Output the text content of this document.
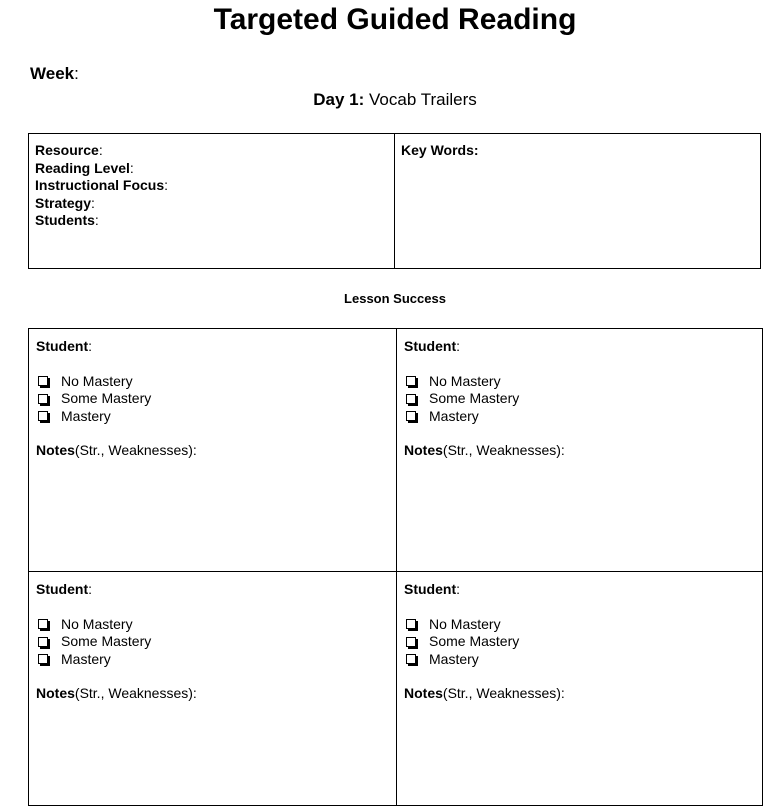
Targeted Guided Reading
Week:
Day 1: Vocab Trailers
Resource:
Reading Level:
Instructional Focus:
Strategy:
Students:
Key Words:
Lesson Success
Student:
No Mastery
Some Mastery
Mastery
Notes(Str., Weaknesses):
Student:
No Mastery
Some Mastery
Mastery
Notes(Str., Weaknesses):
Student:
No Mastery
Some Mastery
Mastery
Notes(Str., Weaknesses):
Student:
No Mastery
Some Mastery
Mastery
Notes(Str., Weaknesses):
